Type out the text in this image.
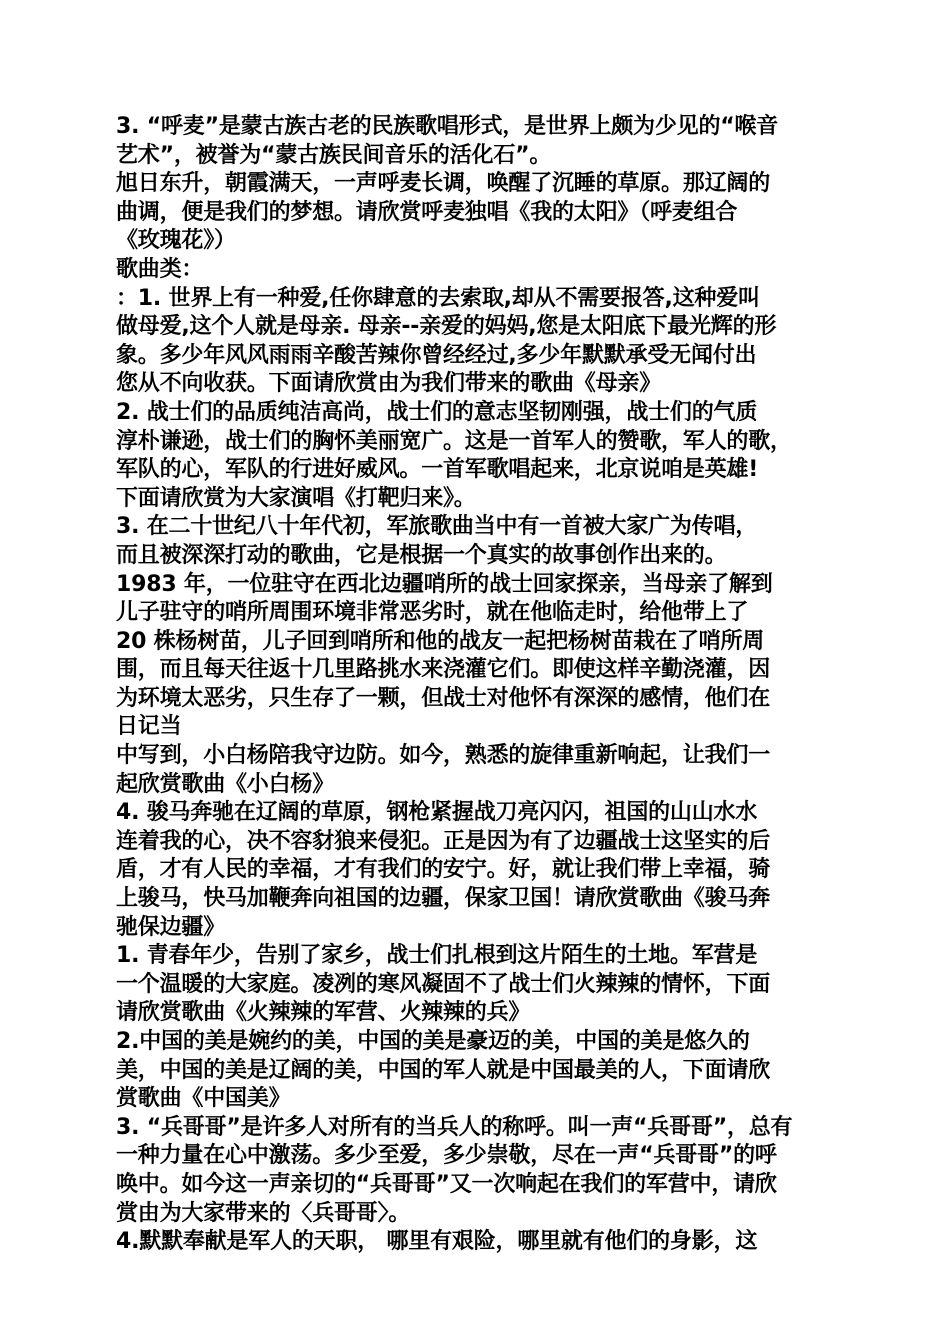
3. “呼麦”是蒙古族古老的民族歌唱形式，是世界上颇为少见的“喉音
艺术”，被誉为“蒙古族民间音乐的活化石”。
旭日东升，朝霞满天，一声呼麦长调，唤醒了沉睡的草原。那辽阔的
曲调，便是我们的梦想。请欣赏呼麦独唱《我的太阳》（呼麦组合
《玫瑰花》）
歌曲类：
：1. 世界上有一种爱,任你肆意的去索取,却从不需要报答,这种爱叫
做母爱,这个人就是母亲. 母亲--亲爱的妈妈,您是太阳底下最光辉的形
象。多少年风风雨雨辛酸苦辣你曾经经过,多少年默默承受无闻付出
您从不向收获。下面请欣赏由为我们带来的歌曲《母亲》
2. 战士们的品质纯洁高尚，战士们的意志坚韧刚强，战士们的气质
淳朴谦逊，战士们的胸怀美丽宽广。这是一首军人的赞歌，军人的歌，
军队的心，军队的行进好威风。一首军歌唱起来，北京说咱是英雄!
下面请欣赏为大家演唱《打靶归来》。
3. 在二十世纪八十年代初，军旅歌曲当中有一首被大家广为传唱，
而且被深深打动的歌曲，它是根据一个真实的故事创作出来的。
1983 年，一位驻守在西北边疆哨所的战士回家探亲，当母亲了解到
儿子驻守的哨所周围环境非常恶劣时，就在他临走时，给他带上了
20 株杨树苗，儿子回到哨所和他的战友一起把杨树苗栽在了哨所周
围，而且每天往返十几里路挑水来浇灌它们。即使这样辛勤浇灌，因
为环境太恶劣，只生存了一颗，但战士对他怀有深深的感情，他们在
日记当
中写到，小白杨陪我守边防。如今，熟悉的旋律重新响起，让我们一
起欣赏歌曲《小白杨》
4. 骏马奔驰在辽阔的草原，钢枪紧握战刀亮闪闪，祖国的山山水水
连着我的心，决不容豺狼来侵犯。正是因为有了边疆战士这坚实的后
盾，才有人民的幸福，才有我们的安宁。好，就让我们带上幸福，骑
上骏马，快马加鞭奔向祖国的边疆，保家卫国！请欣赏歌曲《骏马奔
驰保边疆》
1. 青春年少，告别了家乡，战士们扎根到这片陌生的土地。军营是
一个温暖的大家庭。凌冽的寒风凝固不了战士们火辣辣的情怀，下面
请欣赏歌曲《火辣辣的军营、火辣辣的兵》
2.中国的美是婉约的美，中国的美是豪迈的美，中国的美是悠久的
美，中国的美是辽阔的美，中国的军人就是中国最美的人，下面请欣
赏歌曲《中国美》
3. “兵哥哥”是许多人对所有的当兵人的称呼。叫一声“兵哥哥”，总有
一种力量在心中激荡。多少至爱，多少崇敬，尽在一声“兵哥哥”的呼
唤中。如今这一声亲切的“兵哥哥”又一次响起在我们的军营中，请欣
赏由为大家带来的〈兵哥哥〉。
4.默默奉献是军人的天职， 哪里有艰险，哪里就有他们的身影，这
